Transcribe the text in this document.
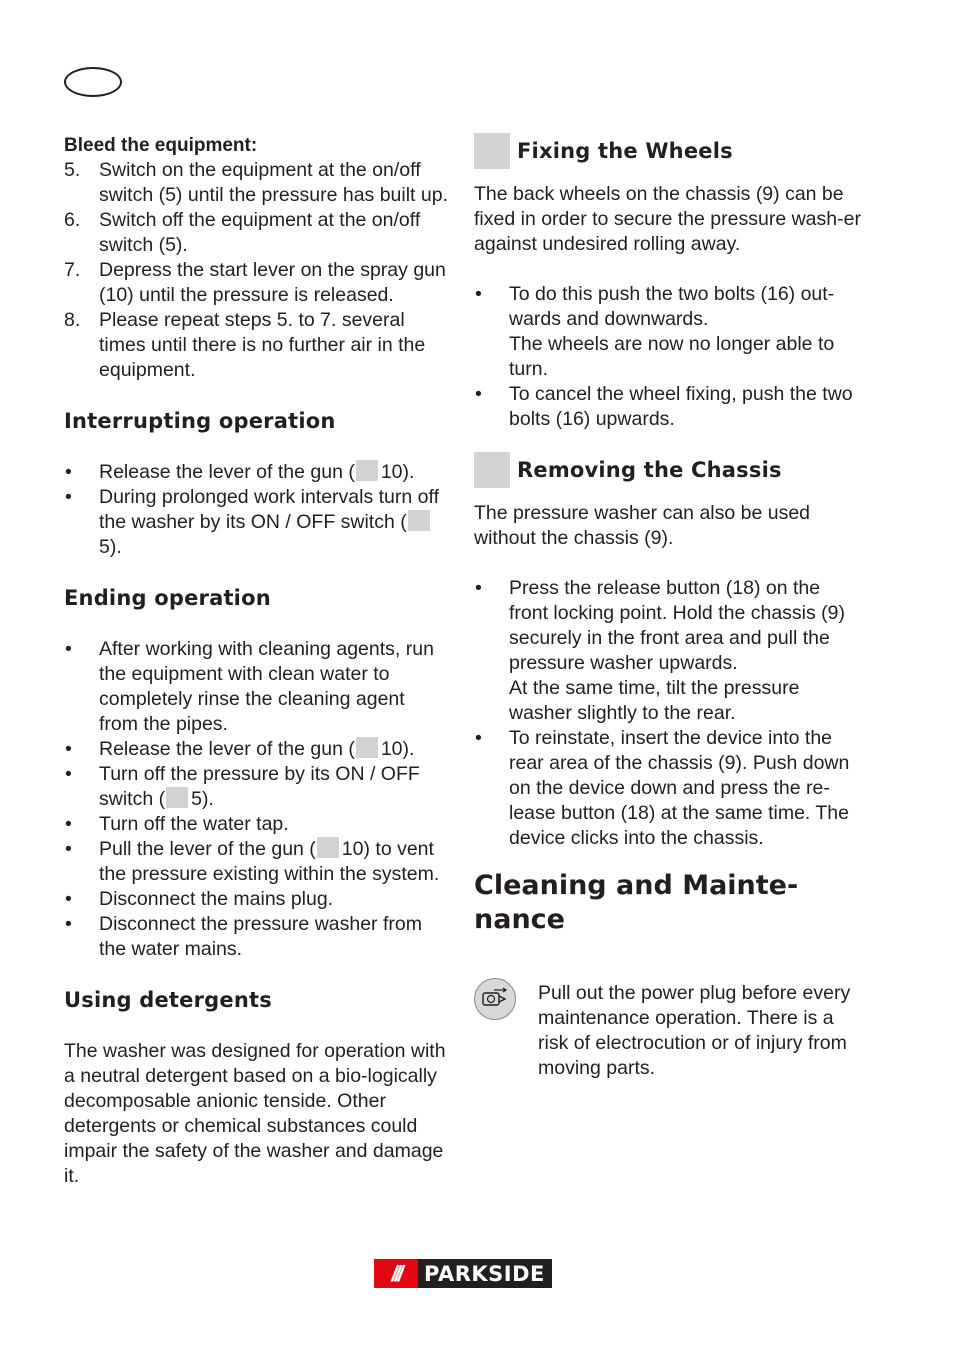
Bleed the equipment:

5. Switch on the equipment at the on/off switch (5) until the pressure has built up.
6. Switch off the equipment at the on/off switch (5).
7. Depress the start lever on the spray gun (10) until the pressure is released.
8. Please repeat steps 5. to 7. several times until there is no further air in the equipment.

Interrupting operation

• Release the lever of the gun ( 10).
• During prolonged work intervals turn off the washer by its ON / OFF switch (5).

Ending operation

• After working with cleaning agents, run the equipment with clean water to completely rinse the cleaning agent from the pipes.
• Release the lever of the gun ( 10).
• Turn off the pressure by its ON / OFF switch ( 5).
• Turn off the water tap.
• Pull the lever of the gun ( 10) to vent the pressure existing within the system.
• Disconnect the mains plug.
• Disconnect the pressure washer from the water mains.

Using detergents

The washer was designed for operation with a neutral detergent based on a bio-logically decomposable anionic tenside. Other detergents or chemical substances could impair the safety of the washer and damage it.

Fixing the Wheels

The back wheels on the chassis (9) can be fixed in order to secure the pressure wash-er against undesired rolling away.

• To do this push the two bolts (16) out-wards and downwards.
The wheels are now no longer able to turn.
• To cancel the wheel fixing, push the two bolts (16) upwards.
Removing the Chassis

The pressure washer can also be used without the chassis (9).

• Press the release button (18) on the front locking point. Hold the chassis (9) securely in the front area and pull the pressure washer upwards.
At the same time, tilt the pressure washer slightly to the rear.
• To reinstate, insert the device into the rear area of the chassis (9). Push down on the device down and press the re-lease button (18) at the same time. The device clicks into the chassis.

Cleaning and Mainte-
nance

Pull out the power plug before every maintenance operation. There is a risk of electrocution or of injury from moving parts.

///	PARKSIDE
